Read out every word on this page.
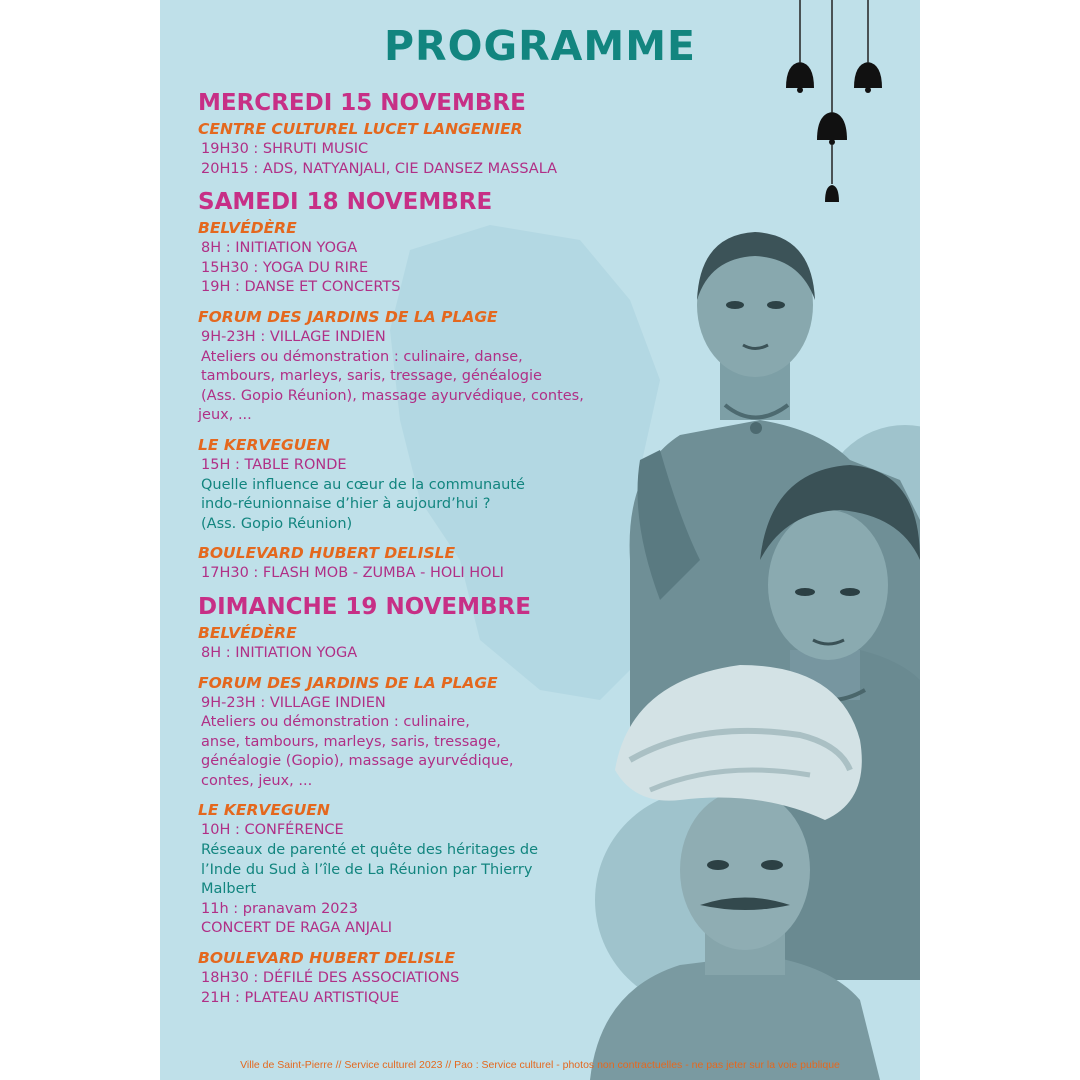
PROGRAMME
MERCREDI 15 NOVEMBRE
CENTRE CULTUREL LUCET LANGENIER
19H30 : SHRUTI MUSIC
20H15 : ADS, NATYANJALI, CIE DANSEZ MASSALA
SAMEDI 18 NOVEMBRE
BELVÉDÈRE
8H : INITIATION YOGA
15H30 : YOGA DU RIRE
19H : DANSE ET CONCERTS
FORUM DES JARDINS DE LA PLAGE
9H-23H : VILLAGE INDIEN
Ateliers ou démonstration : culinaire, danse,
tambours, marleys, saris, tressage, généalogie
(Ass. Gopio Réunion), massage ayurvédique, contes,
jeux, ...
LE KERVEGUEN
15H : TABLE RONDE
Quelle influence au cœur de la communauté
indo-réunionnaise d’hier à aujourd’hui ?
(Ass. Gopio Réunion)
BOULEVARD HUBERT DELISLE
17H30 : FLASH MOB - ZUMBA - HOLI HOLI
DIMANCHE 19 NOVEMBRE
BELVÉDÈRE
8H : INITIATION YOGA
FORUM DES JARDINS DE LA PLAGE
9H-23H : VILLAGE INDIEN
Ateliers ou démonstration : culinaire,
anse, tambours, marleys, saris, tressage,
généalogie (Gopio), massage ayurvédique,
contes, jeux, ...
LE KERVEGUEN
10H : CONFÉRENCE
Réseaux de parenté et quête des héritages de
l’Inde du Sud à l’île de La Réunion par Thierry
Malbert
11h : pranavam 2023
CONCERT DE RAGA ANJALI
BOULEVARD HUBERT DELISLE
18H30 : DÉFILÉ DES ASSOCIATIONS
21H : PLATEAU ARTISTIQUE
Ville de Saint-Pierre // Service culturel 2023 // Pao : Service culturel - photos non contractuelles - ne pas jeter sur la voie publique
